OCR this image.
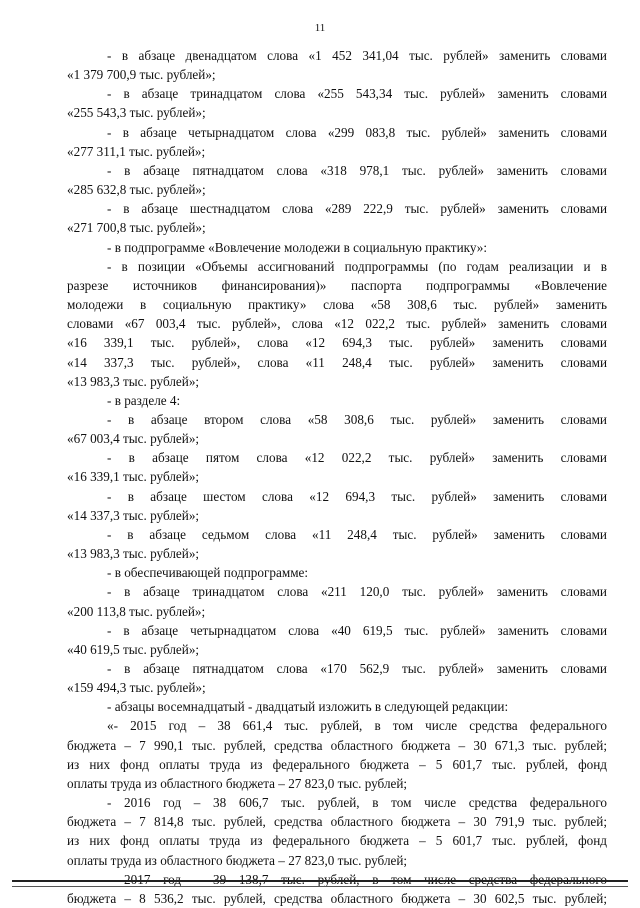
11
- в абзаце двенадцатом слова «1 452 341,04 тыс. рублей» заменить словами
«1 379 700,9 тыс. рублей»;
- в абзаце тринадцатом слова «255 543,34 тыс. рублей» заменить словами
«255 543,3 тыс. рублей»;
- в абзаце четырнадцатом слова «299 083,8 тыс. рублей» заменить словами
«277 311,1 тыс. рублей»;
- в абзаце пятнадцатом слова «318 978,1 тыс. рублей» заменить словами
«285 632,8 тыс. рублей»;
- в абзаце шестнадцатом слова «289 222,9 тыс. рублей» заменить словами
«271 700,8 тыс. рублей»;
- в подпрограмме «Вовлечение молодежи в социальную практику»:
- в позиции «Объемы ассигнований подпрограммы (по годам реализации и в
разрезе источников финансирования)» паспорта подпрограммы «Вовлечение
молодежи в социальную практику» слова «58 308,6 тыс. рублей» заменить
словами «67 003,4 тыс. рублей», слова «12 022,2 тыс. рублей» заменить словами
«16 339,1 тыс. рублей», слова «12 694,3 тыс. рублей» заменить словами
«14 337,3 тыс. рублей», слова «11 248,4 тыс. рублей» заменить словами
«13 983,3 тыс. рублей»;
- в разделе 4:
- в абзаце втором слова «58 308,6 тыс. рублей» заменить словами
«67 003,4 тыс. рублей»;
- в абзаце пятом слова «12 022,2 тыс. рублей» заменить словами
«16 339,1 тыс. рублей»;
- в абзаце шестом слова «12 694,3 тыс. рублей» заменить словами
«14 337,3 тыс. рублей»;
- в абзаце седьмом слова «11 248,4 тыс. рублей» заменить словами
«13 983,3 тыс. рублей»;
- в обеспечивающей подпрограмме:
- в абзаце тринадцатом слова «211 120,0 тыс. рублей» заменить словами
«200 113,8 тыс. рублей»;
- в абзаце четырнадцатом слова «40 619,5 тыс. рублей» заменить словами
«40 619,5 тыс. рублей»;
- в абзаце пятнадцатом слова «170 562,9 тыс. рублей» заменить словами
«159 494,3 тыс. рублей»;
- абзацы восемнадцатый - двадцатый изложить в следующей редакции:
«- 2015 год – 38 661,4 тыс. рублей, в том числе средства федерального
бюджета – 7 990,1 тыс. рублей, средства областного бюджета – 30 671,3 тыс. рублей;
из них фонд оплаты труда из федерального бюджета – 5 601,7 тыс. рублей, фонд
оплаты труда из областного бюджета – 27 823,0 тыс. рублей;
- 2016 год – 38 606,7 тыс. рублей, в том числе средства федерального
бюджета – 7 814,8 тыс. рублей, средства областного бюджета – 30 791,9 тыс. рублей;
из них фонд оплаты труда из федерального бюджета – 5 601,7 тыс. рублей, фонд
оплаты труда из областного бюджета – 27 823,0 тыс. рублей;
бюджета – 8 536,2 тыс. рублей, средства областного бюджета – 30 602,5 тыс. рублей;
